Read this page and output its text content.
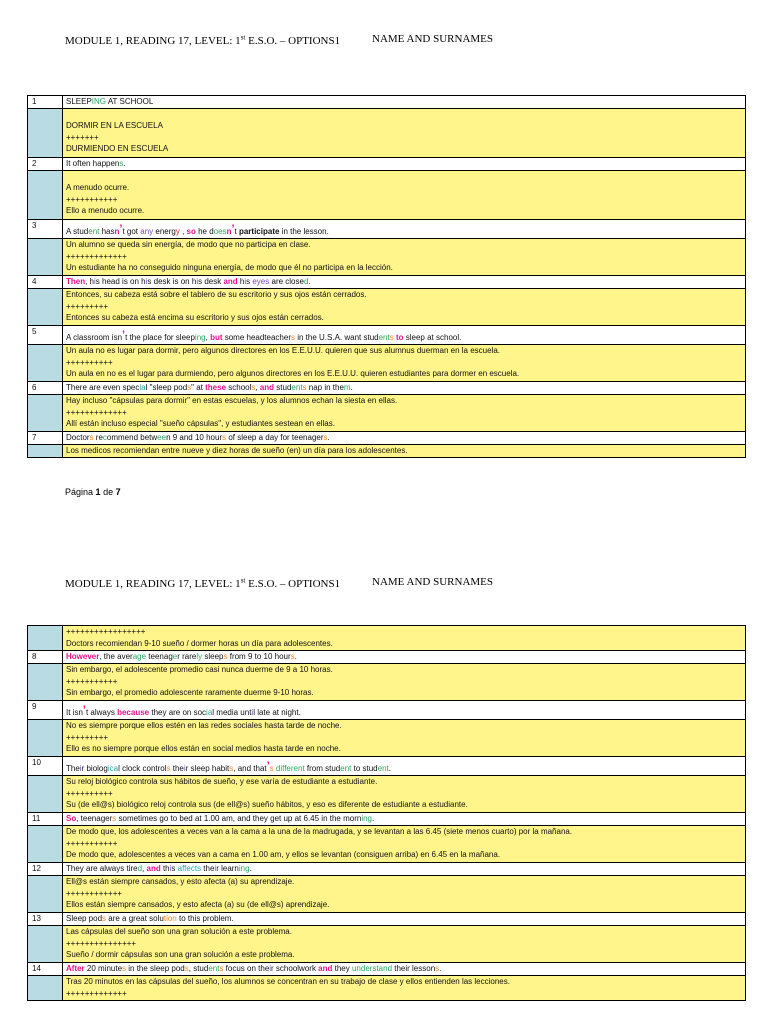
MODULE 1, READING 17, LEVEL: 1st E.S.O. – OPTIONS1	NAME AND SURNAMES
1	SLEEPING AT SCHOOL

	DORMIR EN LA ESCUELA
+++++++
DURMIENDO EN ESCUELA

2	It often happens.

	A menudo ocurre.
+++++++++++
Ello a menudo ocurre.

3	A student hasn’t got any energy , so he doesn’t participate in the lesson.

	Un alumno se queda sin energía, de modo que no participa en clase.
+++++++++++++
Un estudiante ha no conseguido ninguna energía, de modo que él no participa en la lección.

4	Then, his head is on his desk is on his desk and his eyes are closed.

	Entonces, su cabeza está sobre el tablero de su escritorio y sus ojos están cerrados.
+++++++++
Entonces su cabeza está encima su escritorio y sus ojos están cerrados.

5	A classroom isn’t the place for sleeping, but some headteachers in the U.S.A. want students to sleep at school.

	Un aula no es lugar para dormir, pero algunos directores en los E.E.U.U. quieren que sus alumnus duerman en la escuela.
++++++++++
Un aula en no es el lugar para durmiendo, pero algunos directores en los E.E.U.U. quieren estudiantes para dormer en escuela.

6	There are even special "sleep pods" at these schools, and students nap in them.

	Hay incluso "cápsulas para dormir" en estas escuelas, y los alumnos echan la siesta en ellas.
+++++++++++++
Allí están incluso especial "sueño cápsulas", y estudiantes sestean en ellas.

7	Doctors recommend between 9 and 10 hours of sleep a day for teenagers.

	Los medicos recomiendan entre nueve y diez horas de sueño (en) un día para los adolescentes.
Página 1 de 7
MODULE 1, READING 17, LEVEL: 1st E.S.O. – OPTIONS1	NAME AND SURNAMES

	+++++++++++++++++
Doctors recomiendan 9-10 sueño / dormer horas un día para adolescentes.

8	However, the average teenager rarely sleeps from 9 to 10 hours.

	Sin embargo, el adolescente promedio casi nunca duerme de 9 a 10 horas.
+++++++++++
Sin embargo, el promedio adolescente raramente duerme 9-10 horas.

9	It isn’t always because they are on social media until late at night.

	No es siempre porque ellos estén en las redes sociales hasta tarde de noche.
+++++++++
Ello es no siempre porque ellos están en social medios hasta tarde en noche.

10	Their biological clock controls their sleep habits, and that’s different from student to student.

	Su reloj biológico controla sus hábitos de sueño, y ese varía de estudiante a estudiante.
++++++++++
Su (de ell@s) biológico reloj controla sus (de ell@s) sueño hábitos, y eso es diferente de estudiante a estudiante.

11	So, teenagers sometimes go to bed at 1.00 am, and they get up at 6.45 in the morning.

	De modo que, los adolescentes a veces van a la cama a la una de la madrugada, y se levantan a las 6.45 (siete menos cuarto) por la mañana.
+++++++++++
De modo que, adolescentes a veces van a cama en 1.00 am, y ellos se levantan (consiguen arriba) en 6.45 en la mañana.

12	They are always tired, and this affects their learning.

	Ell@s están siempre cansados, y esto afecta (a) su aprendizaje.
++++++++++++
Ellos están siempre cansados, y esto afecta (a) su (de ell@s) aprendizaje.

13	Sleep pods are a great solution to this problem.

	Las cápsulas del sueño son una gran solución a este problema.
+++++++++++++++
Sueño / dormir cápsulas son una gran solución a este problema.

14	After 20 minutes in the sleep pods, students focus on their schoolwork and they understand their lessons.

	Tras 20 minutos en las cápsulas del sueño, los alumnos se concentran en su trabajo de clase y ellos entienden las lecciones.
+++++++++++++
